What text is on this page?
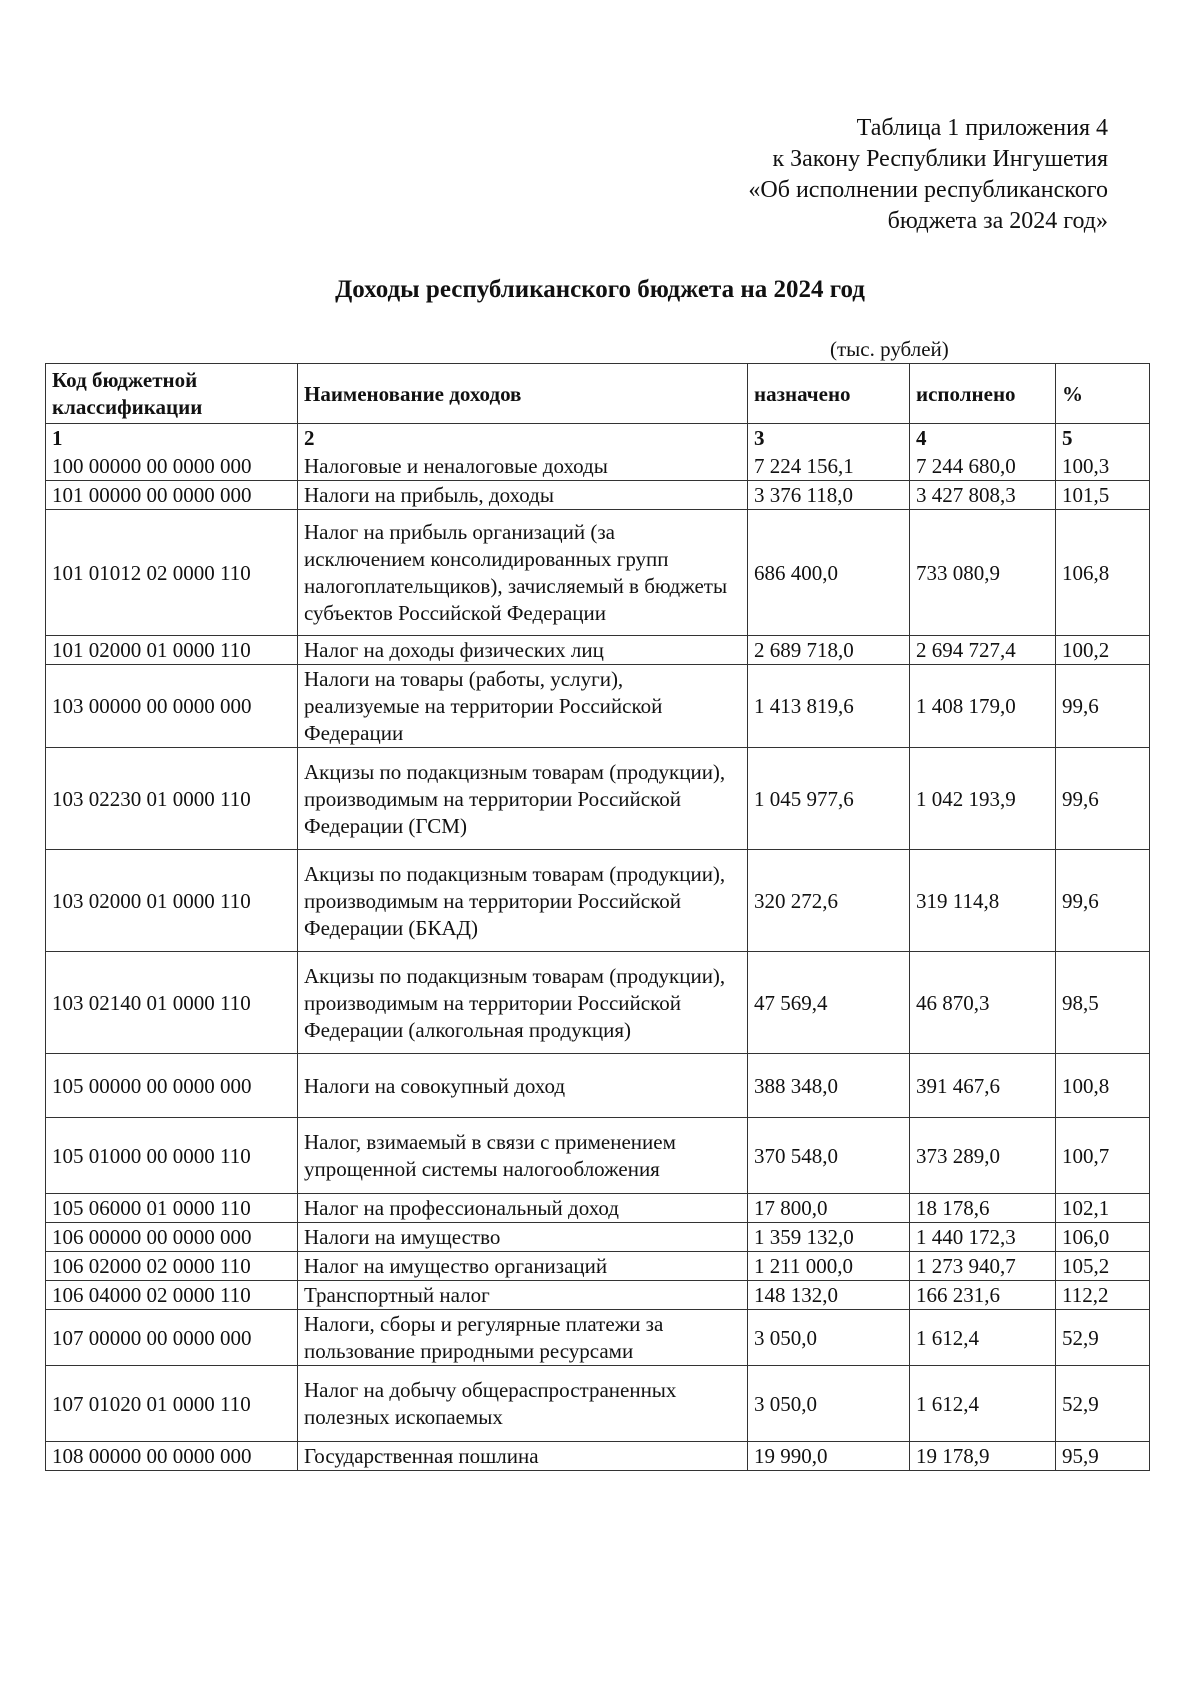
Таблица 1 приложения 4
к Закону Республики Ингушетия
«Об исполнении республиканского
бюджета за 2024 год»
Доходы республиканского бюджета на 2024 год
(тыс. рублей)
Код бюджетной классификации	Наименование доходов	назначено	исполнено	%
1	2	3	4	5
100 00000 00 0000 000	Налоговые и неналоговые доходы	7 224 156,1	7 244 680,0	100,3
101 00000 00 0000 000	Налоги на прибыль, доходы	3 376 118,0	3 427 808,3	101,5
101 01012 02 0000 110	Налог на прибыль организаций (за исключением консолидированных групп налогоплательщиков), зачисляемый в бюджеты субъектов Российской Федерации	686 400,0	733 080,9	106,8
101 02000 01 0000 110	Налог на доходы физических лиц	2 689 718,0	2 694 727,4	100,2
103 00000 00 0000 000	Налоги на товары (работы, услуги), реализуемые на территории Российской Федерации	1 413 819,6	1 408 179,0	99,6
103 02230 01 0000 110	Акцизы по подакцизным товарам (продукции), производимым на территории Российской Федерации (ГСМ)	1 045 977,6	1 042 193,9	99,6
103 02000 01 0000 110	Акцизы по подакцизным товарам (продукции), производимым на территории Российской Федерации (БКАД)	320 272,6	319 114,8	99,6
103 02140 01 0000 110	Акцизы по подакцизным товарам (продукции), производимым на территории Российской Федерации (алкогольная продукция)	47 569,4	46 870,3	98,5
105 00000 00 0000 000	Налоги на совокупный доход	388 348,0	391 467,6	100,8
105 01000 00 0000 110	Налог, взимаемый в связи с применением упрощенной системы налогообложения	370 548,0	373 289,0	100,7
105 06000 01 0000 110	Налог на профессиональный доход	17 800,0	18 178,6	102,1
106 00000 00 0000 000	Налоги на имущество	1 359 132,0	1 440 172,3	106,0
106 02000 02 0000 110	Налог на имущество организаций	1 211 000,0	1 273 940,7	105,2
106 04000 02 0000 110	Транспортный налог	148 132,0	166 231,6	112,2
107 00000 00 0000 000	Налоги, сборы и регулярные платежи за пользование природными ресурсами	3 050,0	1 612,4	52,9
107 01020 01 0000 110	Налог на добычу общераспространенных полезных ископаемых	3 050,0	1 612,4	52,9
108 00000 00 0000 000	Государственная пошлина	19 990,0	19 178,9	95,9
